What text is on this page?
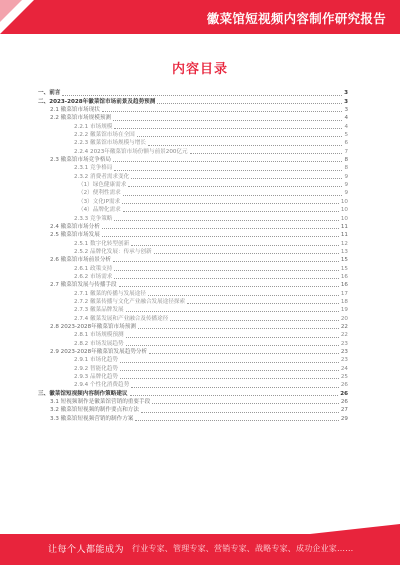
徽菜馆短视频内容制作研究报告
内容目录
一、前言	3
二、2023-2028年徽菜馆市场前景及趋势预测	3
2.1 徽菜馆市场现状	3
2.2 徽菜馆市场规模预测	4
2.2.1 市场规模	4
2.2.2 徽菜馆市场在全国	5
2.2.3 徽菜馆市场规模与增长	6
2.2.4 2023年徽菜馆市场份额与前景200亿元	7
2.3 徽菜馆市场竞争格局	8
2.3.1 竞争格局	8
2.3.2 消费者需求变化	9
（1）绿色健康需求	9
（2）便利性需求	9
（3）文化IP需求	10
（4）品牌化需求	10
2.3.3 竞争策略	10
2.4 徽菜馆市场分析	11
2.5 徽菜馆市场发展	11
2.5.1 数字化转型创新	12
2.5.2 品牌化发展：传承与创新	13
2.6 徽菜馆市场前景分析	15
2.6.1 政策支持	15
2.6.2 市场需求	16
2.7 徽菜馆发展与传播手段	16
2.7.1 徽菜的传播与发展途径	17
2.7.2 徽菜传播与文化产业融合发展途径探索	18
2.7.3 徽菜品牌发展	19
2.7.4 徽菜发展和产业融合及传播途径	20
2.8 2023-2028年徽菜馆市场预测	22
2.8.1 市场规模预测	22
2.8.2 市场发展趋势	23
2.9 2023-2028年徽菜馆发展趋势分析	23
2.9.1 市场化趋势	23
2.9.2 智能化趋势	24
2.9.3 品牌化趋势	25
2.9.4 个性化消费趋势	26
三、徽菜馆短视频内容制作策略建议	26
3.1 短视频制作是徽菜馆营销的重要手段	26
3.2 徽菜馆短视频的制作要点和方法	27
3.3 徽菜馆短视频营销的制作方案	29
让每个人都能成为 行业专家、管理专家、营销专家、战略专家、成功企业家……
